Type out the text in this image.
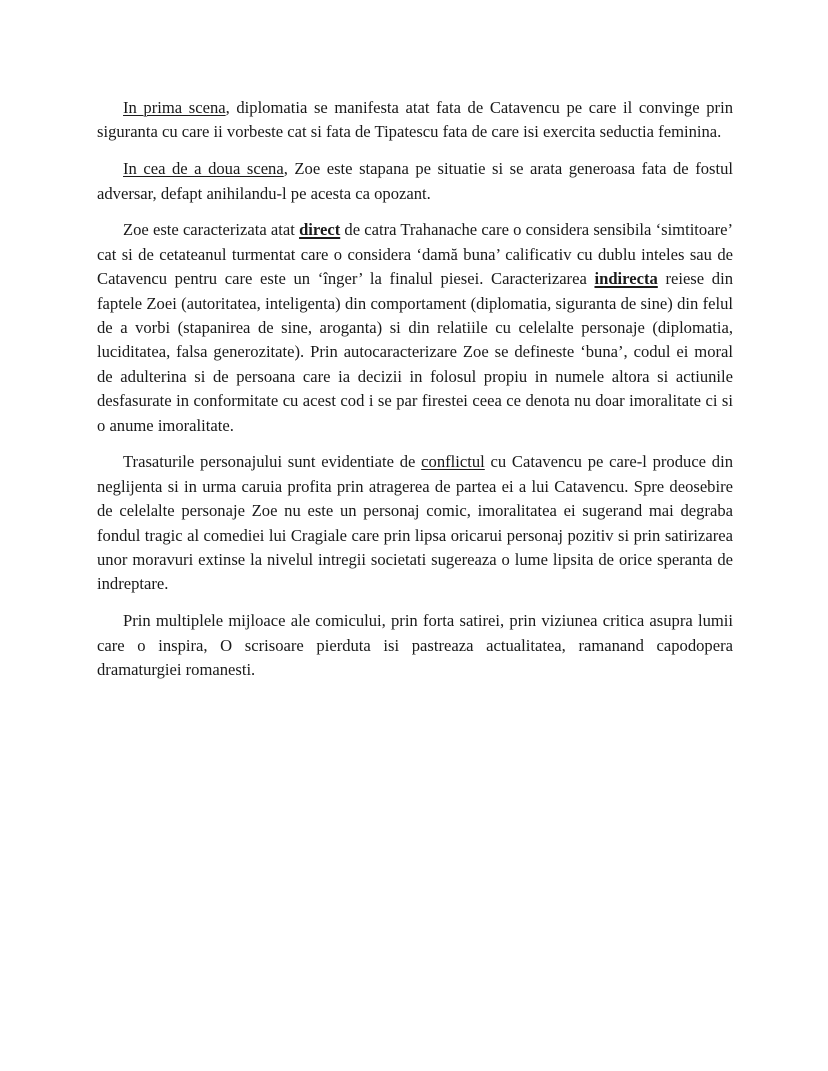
In prima scena, diplomatia se manifesta atat fata de Catavencu pe care il convinge prin siguranta cu care ii vorbeste cat si fata de Tipatescu fata de care isi exercita seductia feminina.

In cea de a doua scena, Zoe este stapana pe situatie si se arata generoasa fata de fostul adversar, defapt anihilandu-l pe acesta ca opozant.

Zoe este caracterizata atat direct de catra Trahanache care o considera sensibila ‘simtitoare’ cat si de cetateanul turmentat care o considera ‘damă buna’ calificativ cu dublu inteles sau de Catavencu pentru care este un ‘înger’ la finalul piesei. Caracterizarea indirecta reiese din faptele Zoei (autoritatea, inteligenta) din comportament (diplomatia, siguranta de sine) din felul de a vorbi (stapanirea de sine, aroganta) si din relatiile cu celelalte personaje (diplomatia, luciditatea, falsa generozitate). Prin autocaracterizare Zoe se defineste ‘buna’, codul ei moral de adulterina si de persoana care ia decizii in folosul propiu in numele altora si actiunile desfasurate in conformitate cu acest cod i se par firestei ceea ce denota nu doar imoralitate ci si o anume imoralitate.

Trasaturile personajului sunt evidentiate de conflictul cu Catavencu pe care-l produce din neglijenta si in urma caruia profita prin atragerea de partea ei a lui Catavencu. Spre deosebire de celelalte personaje Zoe nu este un personaj comic, imoralitatea ei sugerand mai degraba fondul tragic al comediei lui Cragiale care prin lipsa oricarui personaj pozitiv si prin satirizarea unor moravuri extinse la nivelul intregii societati sugereaza o lume lipsita de orice speranta de indreptare.

Prin multiplele mijloace ale comicului, prin forta satirei, prin viziunea critica asupra lumii care o inspira, O scrisoare pierduta isi pastreaza actualitatea, ramanand capodopera dramaturgiei romanesti.
